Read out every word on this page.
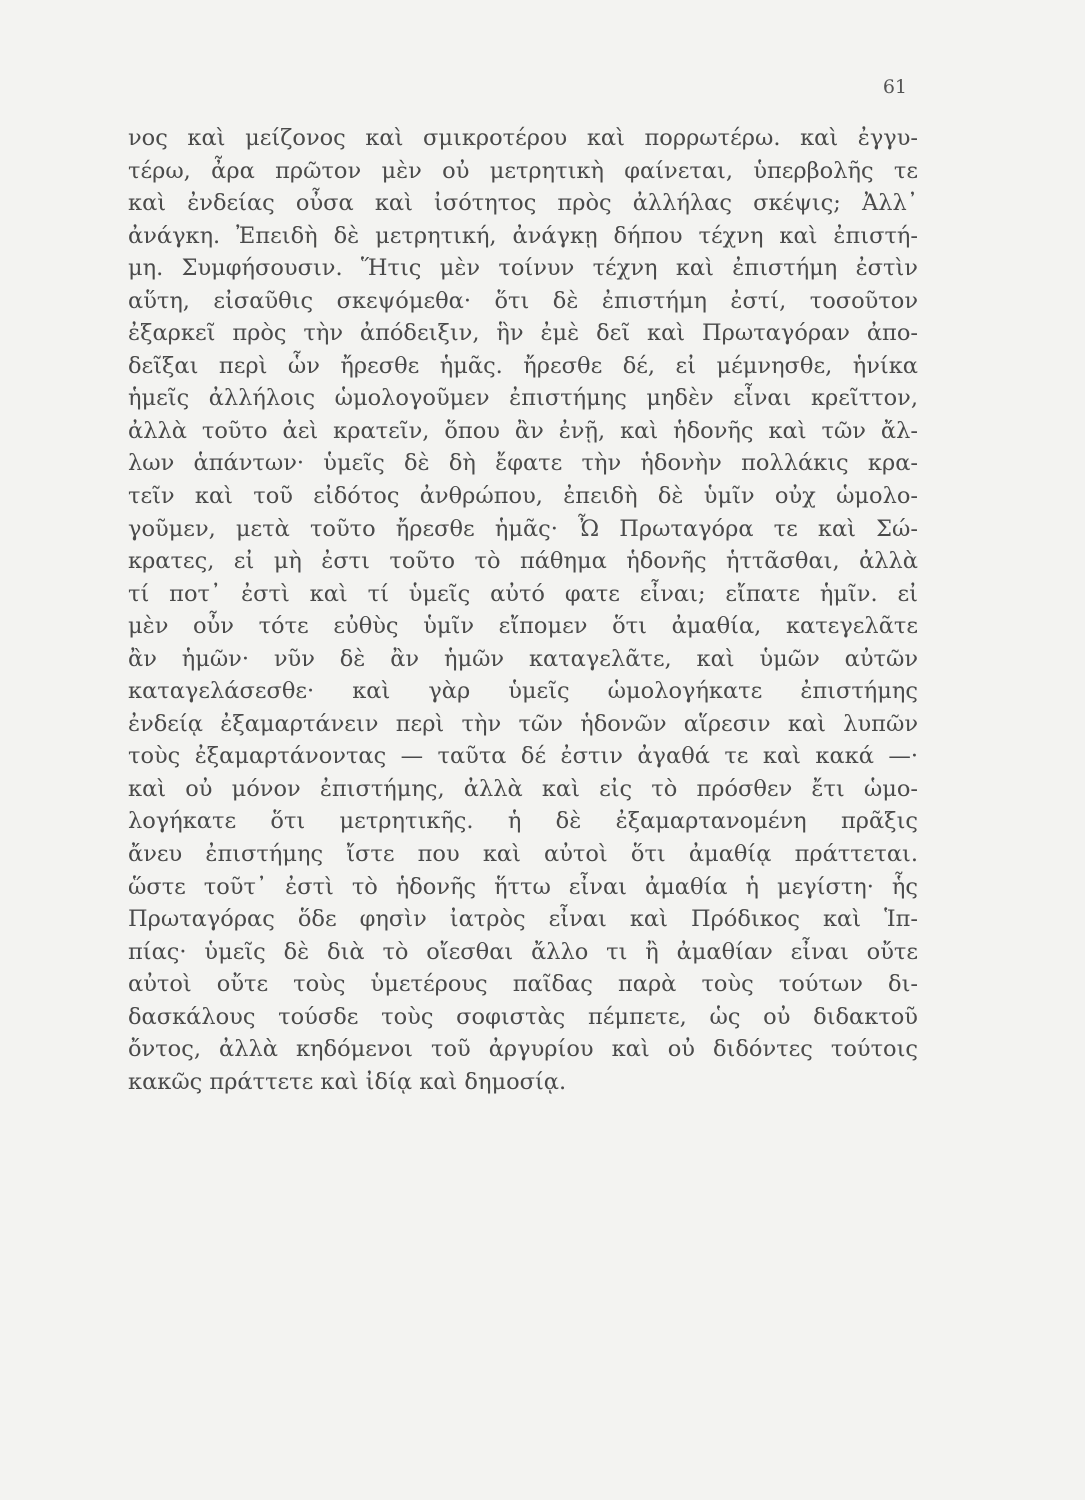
61
νος καὶ μείζονος καὶ σμικροτέρου καὶ πορρωτέρω. καὶ ἐγγυ-
τέρω, ἆρα πρῶτον μὲν οὐ μετρητικὴ φαίνεται, ὑπερβολῆς τε
καὶ ἐνδείας οὖσα καὶ ἰσότητος πρὸς ἀλλήλας σκέψις; Ἀλλ᾽
ἀνάγκη. Ἐπειδὴ δὲ μετρητική, ἀνάγκῃ δήπου τέχνη καὶ ἐπιστή-
μη. Συμφήσουσιν. Ἥτις μὲν τοίνυν τέχνη καὶ ἐπιστήμη ἐστὶν
αὕτη, εἰσαῦθις σκεψόμεθα· ὅτι δὲ ἐπιστήμη ἐστί, τοσοῦτον
ἐξαρκεῖ πρὸς τὴν ἀπόδειξιν, ἣν ἐμὲ δεῖ καὶ Πρωταγόραν ἀπο-
δεῖξαι περὶ ὧν ἤρεσθε ἡμᾶς. ἤρεσθε δέ, εἰ μέμνησθε, ἡνίκα
ἡμεῖς ἀλλήλοις ὡμολογοῦμεν ἐπιστήμης μηδὲν εἶναι κρεῖττον,
ἀλλὰ τοῦτο ἀεὶ κρατεῖν, ὅπου ἂν ἐνῇ, καὶ ἡδονῆς καὶ τῶν ἄλ-
λων ἁπάντων· ὑμεῖς δὲ δὴ ἔφατε τὴν ἡδονὴν πολλάκις κρα-
τεῖν καὶ τοῦ εἰδότος ἀνθρώπου, ἐπειδὴ δὲ ὑμῖν οὐχ ὡμολο-
γοῦμεν, μετὰ τοῦτο ἤρεσθε ἡμᾶς· Ὦ Πρωταγόρα τε καὶ Σώ-
κρατες, εἰ μὴ ἐστι τοῦτο τὸ πάθημα ἡδονῆς ἡττᾶσθαι, ἀλλὰ
τί ποτ᾽ ἐστὶ καὶ τί ὑμεῖς αὐτό φατε εἶναι; εἴπατε ἡμῖν. εἰ
μὲν οὖν τότε εὐθὺς ὑμῖν εἴπομεν ὅτι ἀμαθία, κατεγελᾶτε
ἂν ἡμῶν· νῦν δὲ ἂν ἡμῶν καταγελᾶτε, καὶ ὑμῶν αὐτῶν
καταγελάσεσθε· καὶ γὰρ ὑμεῖς ὡμολογήκατε ἐπιστήμης
ἐνδείᾳ ἐξαμαρτάνειν περὶ τὴν τῶν ἡδονῶν αἵρεσιν καὶ λυπῶν
τοὺς ἐξαμαρτάνοντας — ταῦτα δέ ἐστιν ἀγαθά τε καὶ κακά —·
καὶ οὐ μόνον ἐπιστήμης, ἀλλὰ καὶ εἰς τὸ πρόσθεν ἔτι ὡμο-
λογήκατε ὅτι μετρητικῆς. ἡ δὲ ἐξαμαρτανομένη πρᾶξις
ἄνευ ἐπιστήμης ἴστε που καὶ αὐτοὶ ὅτι ἀμαθίᾳ πράττεται.
ὥστε τοῦτ᾽ ἐστὶ τὸ ἡδονῆς ἥττω εἶναι ἀμαθία ἡ μεγίστη· ἧς
Πρωταγόρας ὅδε φησὶν ἰατρὸς εἶναι καὶ Πρόδικος καὶ Ἱπ-
πίας· ὑμεῖς δὲ διὰ τὸ οἴεσθαι ἄλλο τι ἢ ἀμαθίαν εἶναι οὔτε
αὐτοὶ οὔτε τοὺς ὑμετέρους παῖδας παρὰ τοὺς τούτων δι-
δασκάλους τούσδε τοὺς σοφιστὰς πέμπετε, ὡς οὐ διδακτοῦ
ὄντος, ἀλλὰ κηδόμενοι τοῦ ἀργυρίου καὶ οὐ διδόντες τούτοις
κακῶς πράττετε καὶ ἰδίᾳ καὶ δημοσίᾳ.
